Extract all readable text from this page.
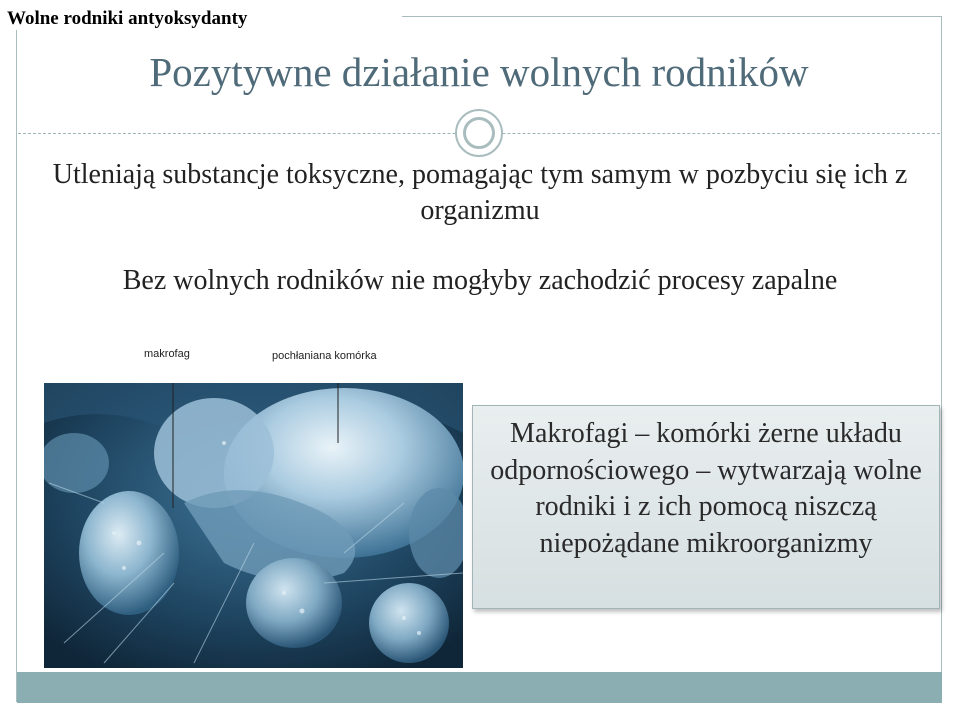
Wolne rodniki antyoksydanty
Pozytywne działanie wolnych rodników
Utleniają substancje toksyczne, pomagając tym samym w pozbyciu się ich z organizmu
Bez wolnych rodników nie mogłyby zachodzić procesy zapalne
makrofag	pochłaniana komórka
Makrofagi – komórki żerne układu odpornościowego – wytwarzają wolne rodniki i z ich pomocą niszczą niepożądane mikroorganizmy
